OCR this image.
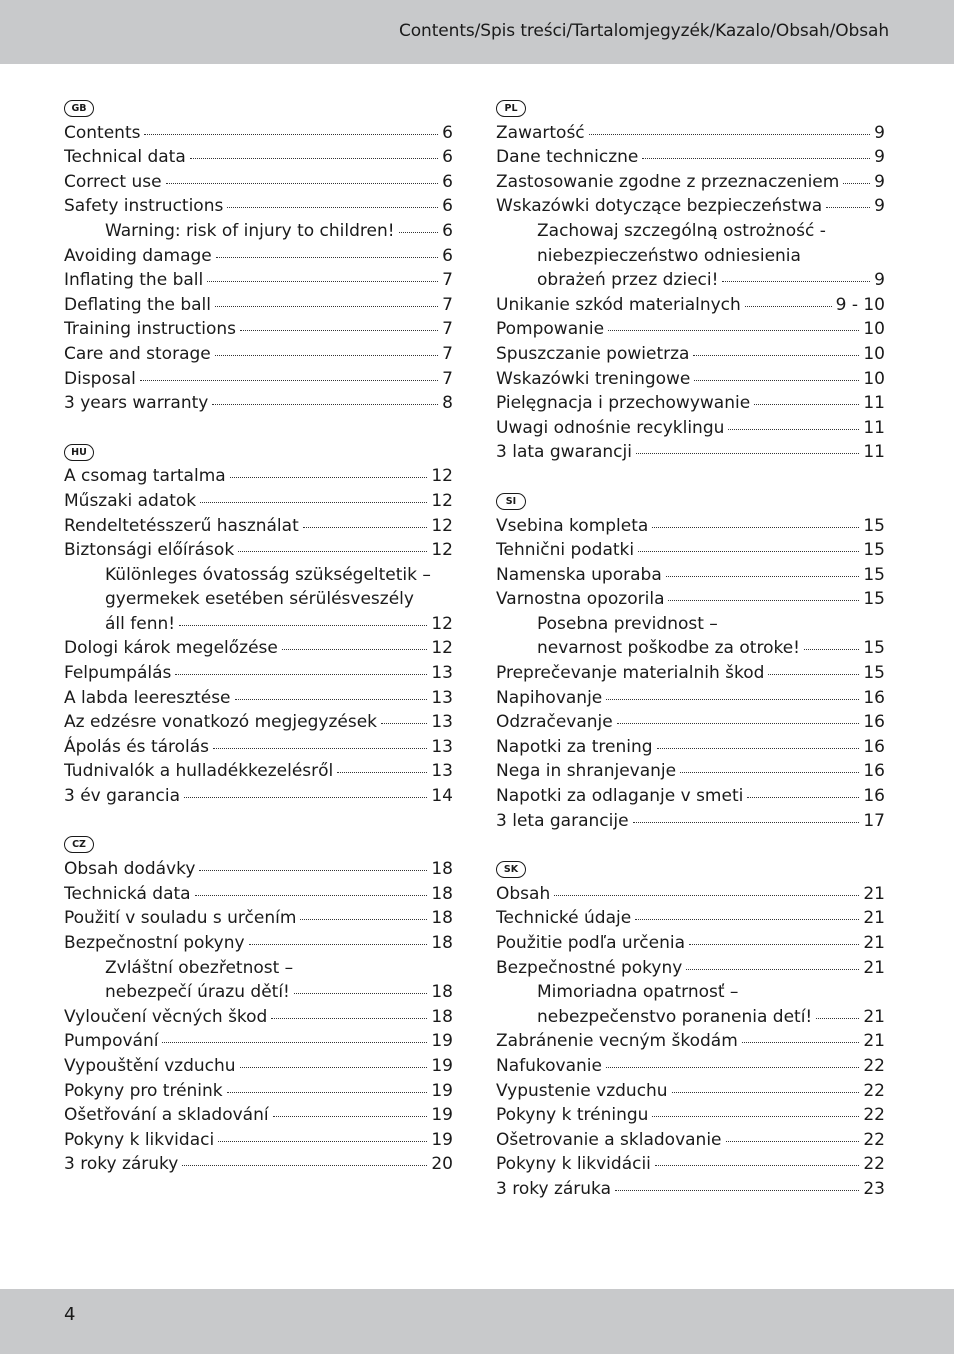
Contents/Spis treści/Tartalomjegyzék/Kazalo/Obsah/Obsah
GB
Contents	6
Technical data	6
Correct use	6
Safety instructions	6
Warning: risk of injury to children!	6
Avoiding damage	6
Inflating the ball	7
Deflating the ball	7
Training instructions	7
Care and storage	7
Disposal	7
3 years warranty	8
HU
A csomag tartalma	12
Műszaki adatok	12
Rendeltetésszerű használat	12
Biztonsági előírások	12
Különleges óvatosság szükségeltetik –
gyermekek esetében sérülésveszély
áll fenn!	12
Dologi károk megelőzése	12
Felpumpálás	13
A labda leeresztése	13
Az edzésre vonatkozó megjegyzések	13
Ápolás és tárolás	13
Tudnivalók a hulladékkezelésről	13
3 év garancia	14
CZ
Obsah dodávky	18
Technická data	18
Použití v souladu s určením	18
Bezpečnostní pokyny	18
Zvláštní obezřetnost –
nebezpečí úrazu dětí!	18
Vyloučení věcných škod	18
Pumpování	19
Vypouštění vzduchu	19
Pokyny pro trénink	19
Ošetřování a skladování	19
Pokyny k likvidaci	19
3 roky záruky	20
PL
Zawartość	9
Dane techniczne	9
Zastosowanie zgodne z przeznaczeniem 9
Wskazówki dotyczące bezpieczeństwa	9
Zachowaj szczególną ostrożność -
niebezpieczeństwo odniesienia
obrażeń przez dzieci!	9
Unikanie szkód materialnych	9 - 10
Pompowanie	10
Spuszczanie powietrza	10
Wskazówki treningowe	10
Pielęgnacja i przechowywanie	11
Uwagi odnośnie recyklingu	11
3 lata gwarancji	11
SI
Vsebina kompleta	15
Tehnični podatki	15
Namenska uporaba	15
Varnostna opozorila	15
Posebna previdnost –
nevarnost poškodbe za otroke!	15
Preprečevanje materialnih škod	15
Napihovanje	16
Odzračevanje	16
Napotki za trening	16
Nega in shranjevanje	16
Napotki za odlaganje v smeti	16
3 leta garancije	17
SK
Obsah	21
Technické údaje	21
Použitie podľa určenia	21
Bezpečnostné pokyny	21
Mimoriadna opatrnosť –
nebezpečenstvo poranenia detí!	21
Zabránenie vecným škodám	21
Nafukovanie	22
Vypustenie vzduchu	22
Pokyny k tréningu	22
Ošetrovanie a skladovanie	22
Pokyny k likvidácii	22
3 roky záruka	23
4
